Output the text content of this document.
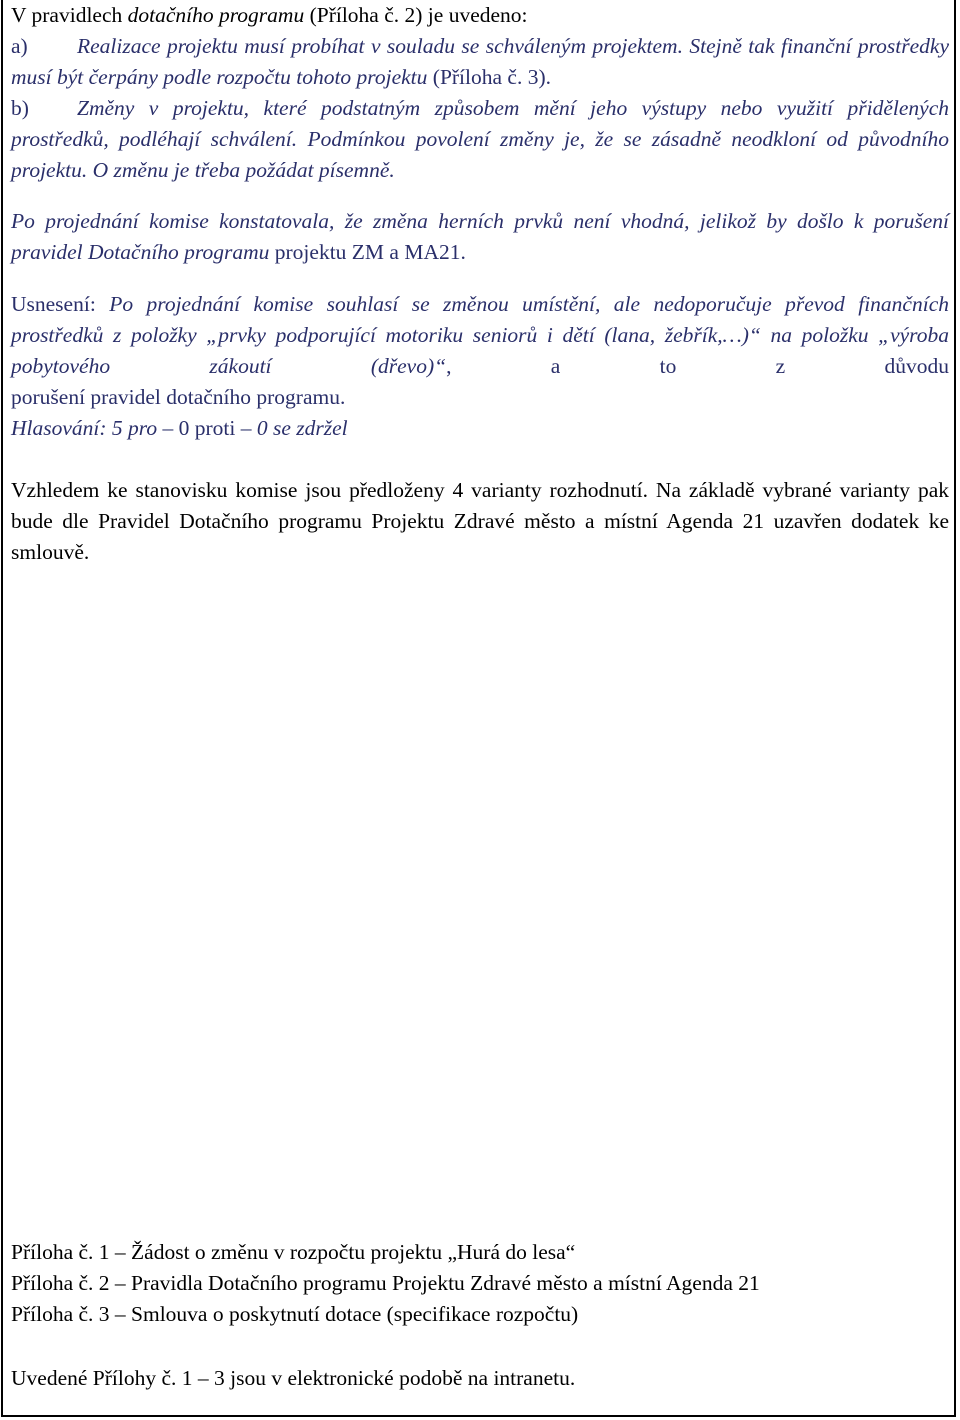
V pravidlech dotačního programu (Příloha č. 2) je uvedeno:

a) Realizace projektu musí probíhat v souladu se schváleným projektem. Stejně tak finanční prostředky musí být čerpány podle rozpočtu tohoto projektu (Příloha č. 3).

b) Změny v projektu, které podstatným způsobem mění jeho výstupy nebo využití přidělených prostředků, podléhají schválení. Podmínkou povolení změny je, že se zásadně neodkloní od původního projektu. O změnu je třeba požádat písemně.

Po projednání komise konstatovala, že změna herních prvků není vhodná, jelikož by došlo k porušení pravidel Dotačního programu projektu ZM a MA21.

Usnesení: Po projednání komise souhlasí se změnou umístění, ale nedoporučuje převod finančních prostředků z položky „prvky podporující motoriku seniorů i dětí (lana, žebřík,…)“ na položku „výroba pobytového zákoutí (dřevo)“, a to z důvodu

porušení pravidel dotačního programu.

Hlasování: 5 pro – 0 proti – 0 se zdržel

Vzhledem ke stanovisku komise jsou předloženy 4 varianty rozhodnutí. Na základě vybrané varianty pak bude dle Pravidel Dotačního programu Projektu Zdravé město a místní Agenda 21 uzavřen dodatek ke smlouvě.

Příloha č. 1 – Žádost o změnu v rozpočtu projektu „Hurá do lesa“

Příloha č. 2 – Pravidla Dotačního programu Projektu Zdravé město a místní Agenda 21

Příloha č. 3 – Smlouva o poskytnutí dotace (specifikace rozpočtu)

Uvedené Přílohy č. 1 – 3 jsou v elektronické podobě na intranetu.
